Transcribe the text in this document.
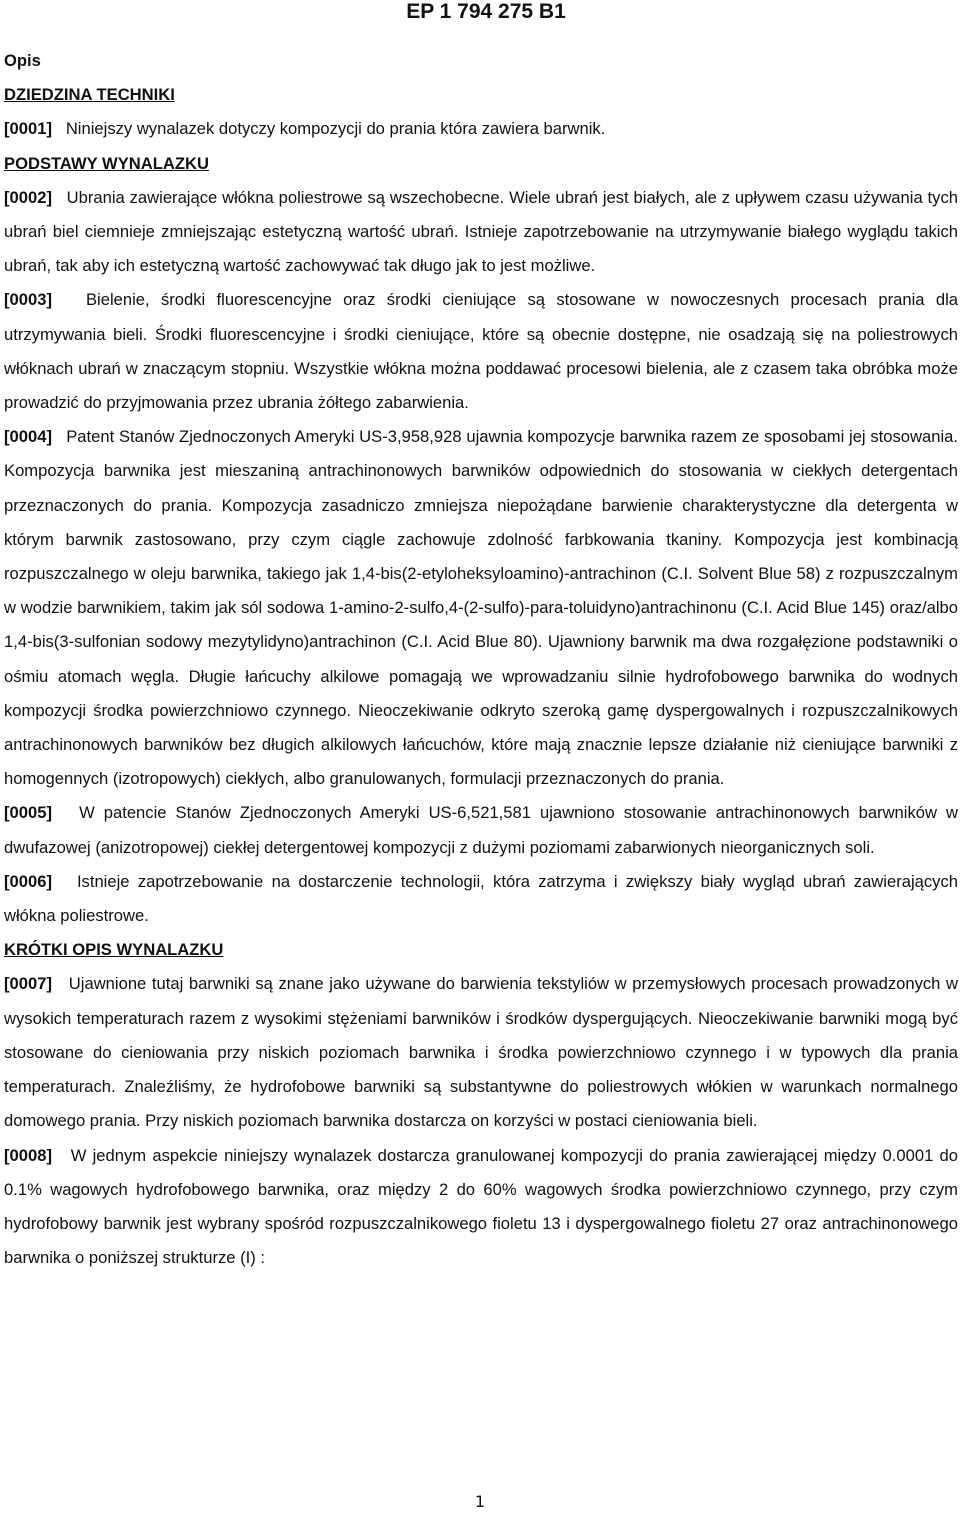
EP 1 794 275 B1

Opis

DZIEDZINA TECHNIKI

[0001] Niniejszy wynalazek dotyczy kompozycji do prania która zawiera barwnik.

PODSTAWY WYNALAZKU

[0002] Ubrania zawierające włókna poliestrowe są wszechobecne. Wiele ubrań jest białych, ale z upływem czasu używania tych ubrań biel ciemnieje zmniejszając estetyczną wartość ubrań. Istnieje zapotrzebowanie na utrzymywanie białego wyglądu takich ubrań, tak aby ich estetyczną wartość zachowywać tak długo jak to jest możliwe.

[0003] Bielenie, środki fluorescencyjne oraz środki cieniujące są stosowane w nowoczesnych procesach prania dla utrzymywania bieli. Środki fluorescencyjne i środki cieniujące, które są obecnie dostępne, nie osadzają się na poliestrowych włóknach ubrań w znaczącym stopniu. Wszystkie włókna można poddawać procesowi bielenia, ale z czasem taka obróbka może prowadzić do przyjmowania przez ubrania żółtego zabarwienia.

[0004] Patent Stanów Zjednoczonych Ameryki US-3,958,928 ujawnia kompozycje barwnika razem ze sposobami jej stosowania. Kompozycja barwnika jest mieszaniną antrachinonowych barwników odpowiednich do stosowania w ciekłych detergentach przeznaczonych do prania. Kompozycja zasadniczo zmniejsza niepożądane barwienie charakterystyczne dla detergenta w którym barwnik zastosowano, przy czym ciągle zachowuje zdolność farbkowania tkaniny. Kompozycja jest kombinacją rozpuszczalnego w oleju barwnika, takiego jak 1,4-bis(2-etyloheksyloamino)-antrachinon (C.I. Solvent Blue 58) z rozpuszczalnym w wodzie barwnikiem, takim jak sól sodowa 1-amino-2-sulfo,4-(2-sulfo)-para-toluidyno)antrachinonu (C.I. Acid Blue 145) oraz/albo 1,4-bis(3-sulfonian sodowy mezytylidyno)antrachinon (C.I. Acid Blue 80). Ujawniony barwnik ma dwa rozgałęzione podstawniki o ośmiu atomach węgla. Długie łańcuchy alkilowe pomagają we wprowadzaniu silnie hydrofobowego barwnika do wodnych kompozycji środka powierzchniowo czynnego. Nieoczekiwanie odkryto szeroką gamę dyspergowalnych i rozpuszczalnikowych antrachinonowych barwników bez długich alkilowych łańcuchów, które mają znacznie lepsze działanie niż cieniujące barwniki z homogennych (izotropowych) ciekłych, albo granulowanych, formulacji przeznaczonych do prania.

[0005] W patencie Stanów Zjednoczonych Ameryki US-6,521,581 ujawniono stosowanie antrachinonowych barwników w dwufazowej (anizotropowej) ciekłej detergentowej kompozycji z dużymi poziomami zabarwionych nieorganicznych soli.

[0006] Istnieje zapotrzebowanie na dostarczenie technologii, która zatrzyma i zwiększy biały wygląd ubrań zawierających włókna poliestrowe.

KRÓTKI OPIS WYNALAZKU

[0007] Ujawnione tutaj barwniki są znane jako używane do barwienia tekstyliów w przemysłowych procesach prowadzonych w wysokich temperaturach razem z wysokimi stężeniami barwników i środków dyspergujących. Nieoczekiwanie barwniki mogą być stosowane do cieniowania przy niskich poziomach barwnika i środka powierzchniowo czynnego i w typowych dla prania temperaturach. Znaleźliśmy, że hydrofobowe barwniki są substantywne do poliestrowych włókien w warunkach normalnego domowego prania. Przy niskich poziomach barwnika dostarcza on korzyści w postaci cieniowania bieli.

[0008] W jednym aspekcie niniejszy wynalazek dostarcza granulowanej kompozycji do prania zawierającej między 0.0001 do 0.1% wagowych hydrofobowego barwnika, oraz między 2 do 60% wagowych środka powierzchniowo czynnego, przy czym hydrofobowy barwnik jest wybrany spośród rozpuszczalnikowego fioletu 13 i dyspergowalnego fioletu 27 oraz antrachinonowego barwnika o poniższej strukturze (I) :

1
